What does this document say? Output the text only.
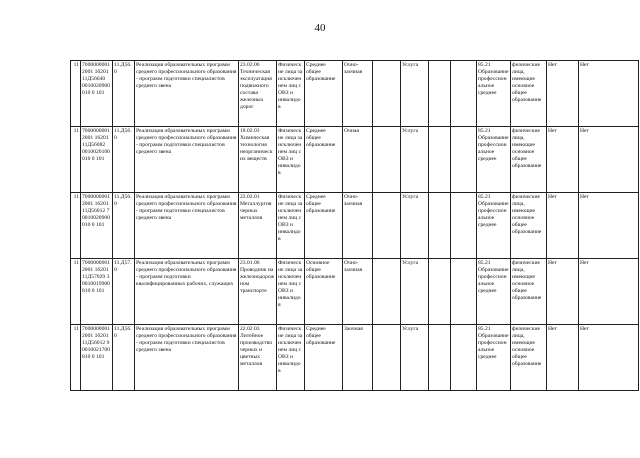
40
11	70000000012001 16201 11Д56040 0010020900010 0 101	11.Д56.0	Реализация образовательных программ среднего профессионального образования - программ подготовки специалистов среднего звена	23.02.06 Техническая эксплуатация подвижного состава железных дорог	Физические лица за исключением лиц с ОВЗ и инвалидов	Среднее общее образование	Очно-заочная		Услуга			85.21 Образование профессиональное среднее	физические лица, имеющие основное общее образование	Нет	Нет
11	70000000012001 16201 11Д56082 0010020100010 0 101	11.Д56.0	Реализация образовательных программ среднего профессионального образования - программ подготовки специалистов среднего звена	18.02.03 Химическая технология неорганических веществ	Физические лица за исключением лиц с ОВЗ и инвалидов	Среднее общее образование	Очная		Услуга			85.21 Образование профессиональное среднее	физические лица, имеющие основное общее образование	Нет	Нет
11	70000000012001 16201 11Д56012 7 0010020900010 0 101	11.Д56.0	Реализация образовательных программ среднего профессионального образования - программ подготовки специалистов среднего звена	22.02.01 Металлургия черных металлов	Физические лица за исключением лиц с ОВЗ и инвалидов	Среднее общее образование	Очно-заочная		Услуга			85.21 Образование профессиональное среднее	физические лица, имеющие основное общее образование	Нет	Нет
11	70000000012001 16201 11Д57029 3 0010019900810 0 101	11.Д57.0	Реализация образовательных программ среднего профессионального образования - программ подготовки квалифицированных рабочих, служащих	23.01.06 Проводник на железнодорожном транспорте	Физические лица за исключением лиц с ОВЗ и инвалидов	Основное общее образование	Очно-заочная		Услуга			85.21 Образование профессиональное среднее	физические лица, имеющие основное общее образование	Нет	Нет
11	70000000012001 16201 11Д56012 9 0010021700810 0 101	11.Д56.0	Реализация образовательных программ среднего профессионального образования - программ подготовки специалистов среднего звена	22.02.03 Литейное производство черных и цветных металлов	Физические лица за исключением лиц с ОВЗ и инвалидов	Среднее общее образование	Заочная		Услуга			85.21 Образование профессиональное среднее	физические лица, имеющие основное общее образование	Нет	Нет
